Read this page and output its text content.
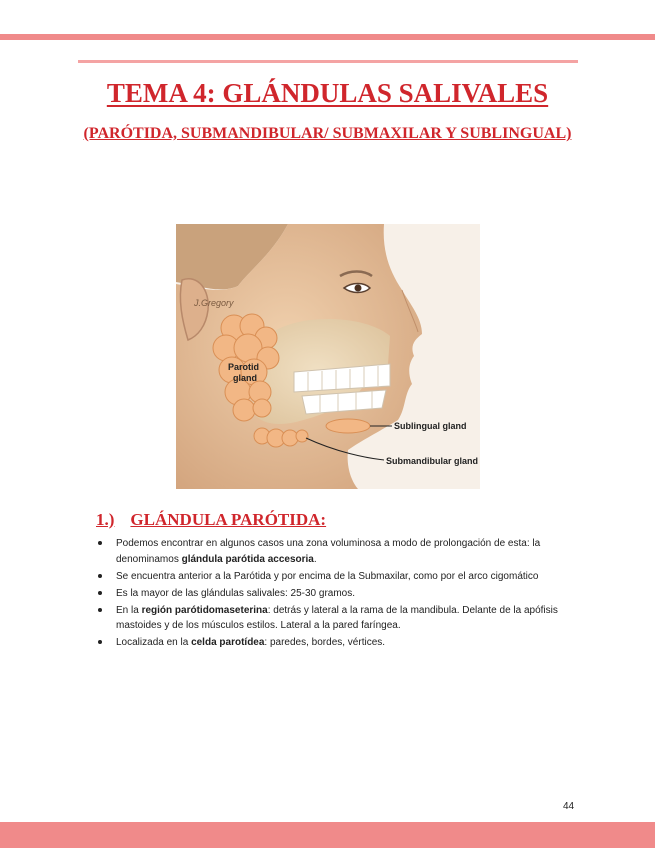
TEMA 4: GLÁNDULAS SALIVALES
(PARÓTIDA, SUBMANDIBULAR/ SUBMAXILAR Y SUBLINGUAL)
J.Gregory
Parotid
gland
Sublingual gland
Submandibular gland
1.) GLÁNDULA PARÓTIDA:
Podemos encontrar en algunos casos una zona voluminosa a modo de prolongación de esta: la denominamos glándula parótida accesoria.
Se encuentra anterior a la Parótida y por encima de la Submaxilar, como por el arco cigomático
Es la mayor de las glándulas salivales: 25-30 gramos.
En la región parótidomaseterina: detrás y lateral a la rama de la mandibula. Delante de la apófisis mastoides y de los músculos estilos. Lateral a la pared faríngea.
Localizada en la celda parotídea: paredes, bordes, vértices.
44
